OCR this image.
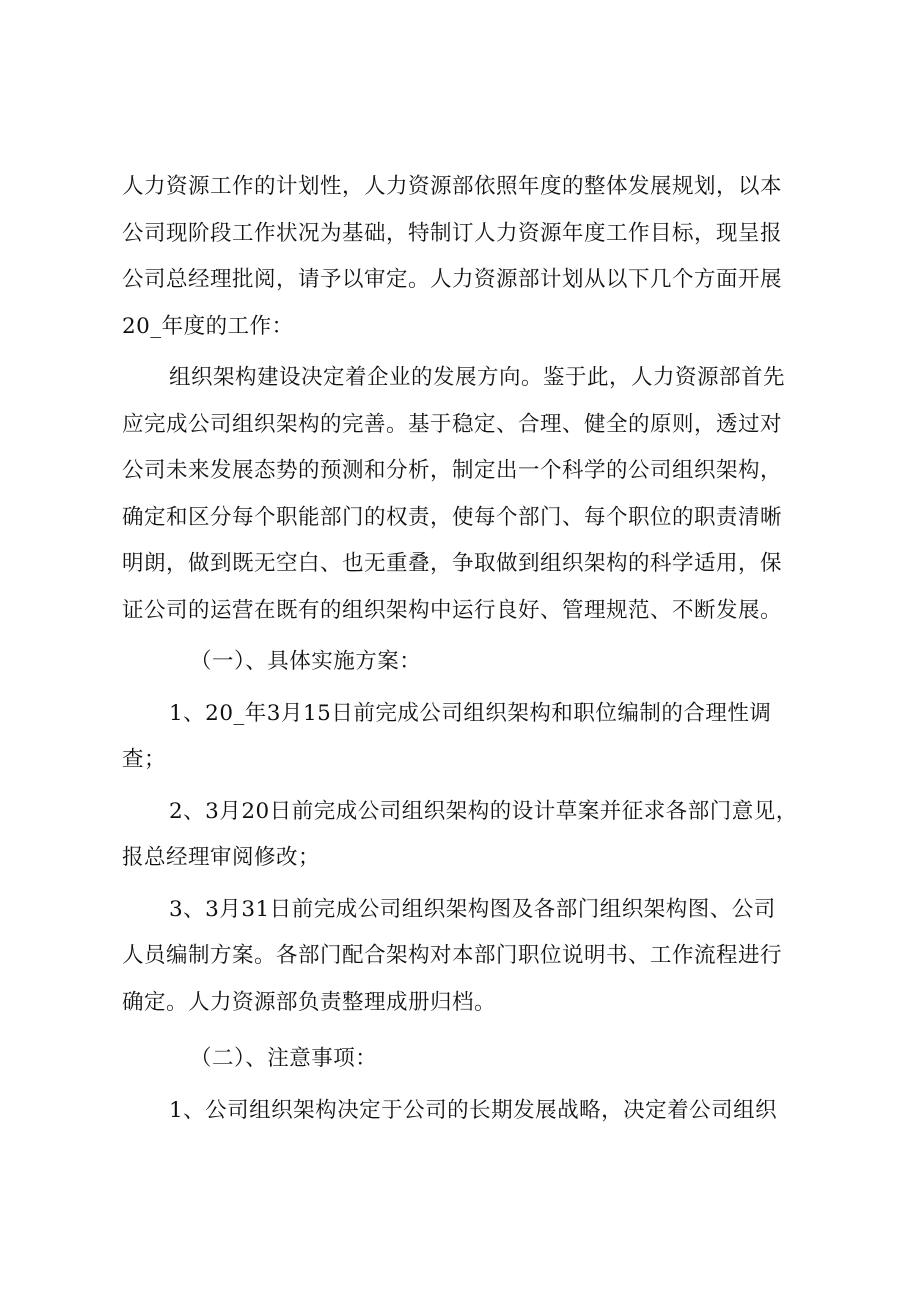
人力资源工作的计划性，人力资源部依照年度的整体发展规划，以本
公司现阶段工作状况为基础，特制订人力资源年度工作目标，现呈报
公司总经理批阅，请予以审定。人力资源部计划从以下几个方面开展
20_年度的工作：

组织架构建设决定着企业的发展方向。鉴于此，人力资源部首先
应完成公司组织架构的完善。基于稳定、合理、健全的原则，透过对
公司未来发展态势的预测和分析，制定出一个科学的公司组织架构，
确定和区分每个职能部门的权责，使每个部门、每个职位的职责清晰
明朗，做到既无空白、也无重叠，争取做到组织架构的科学适用，保
证公司的运营在既有的组织架构中运行良好、管理规范、不断发展。

（一）、具体实施方案：

1、20_年3月15日前完成公司组织架构和职位编制的合理性调
查；

2、3月20日前完成公司组织架构的设计草案并征求各部门意见，
报总经理审阅修改；

3、3月31日前完成公司组织架构图及各部门组织架构图、公司
人员编制方案。各部门配合架构对本部门职位说明书、工作流程进行
确定。人力资源部负责整理成册归档。

（二）、注意事项：

1、公司组织架构决定于公司的长期发展战略，决定着公司组织
